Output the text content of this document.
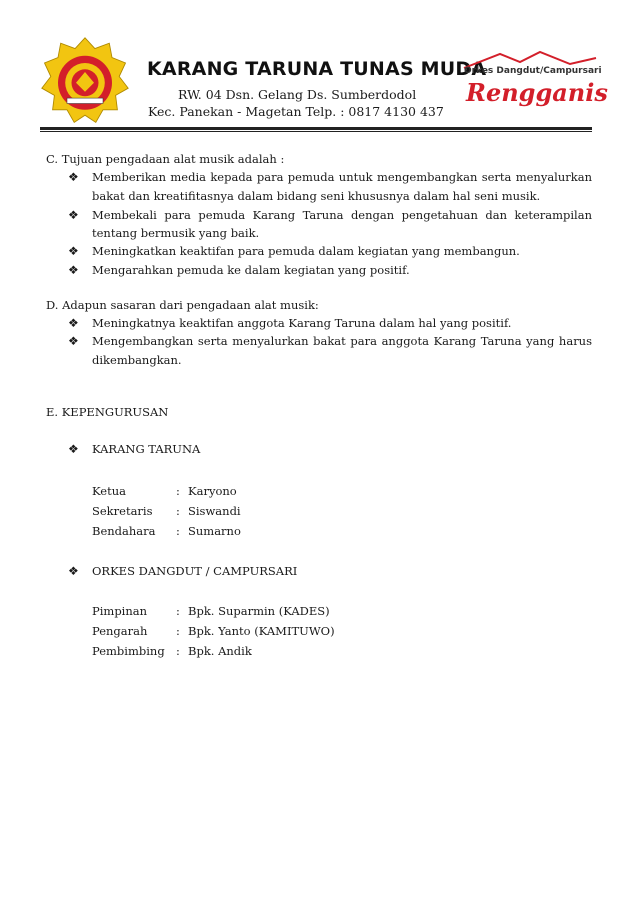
KARANG TARUNA TUNAS MUDA
RW. 04 Dsn. Gelang Ds. Sumberdodol
Kec. Panekan - Magetan Telp. : 0817 4130 437
Orkes Dangdut/Campursari
Rengganis
C. Tujuan pengadaan alat musik adalah :
❖ Memberikan media kepada para pemuda untuk mengembangkan serta menyalurkan
bakat dan kreatifitasnya dalam bidang seni khususnya dalam hal seni musik.
❖ Membekali para pemuda Karang Taruna dengan pengetahuan dan keterampilan
tentang bermusik yang baik.
❖ Meningkatkan keaktifan para pemuda dalam kegiatan yang membangun.
❖ Mengarahkan pemuda ke dalam kegiatan yang positif.
D. Adapun sasaran dari pengadaan alat musik:
❖ Meningkatnya keaktifan anggota Karang Taruna dalam hal yang positif.
❖ Mengembangkan serta menyalurkan bakat para anggota Karang Taruna yang harus
dikembangkan.
E. KEPENGURUSAN
❖ KARANG TARUNA
Ketua	: Karyono
Sekretaris : Siswandi
Bendahara : Sumarno
❖ ORKES DANGDUT / CAMPURSARI
Pimpinan	: Bpk. Suparmin (KADES)
Pengarah : Bpk. Yanto (KAMITUWO)
Pembimbing : Bpk. Andik
